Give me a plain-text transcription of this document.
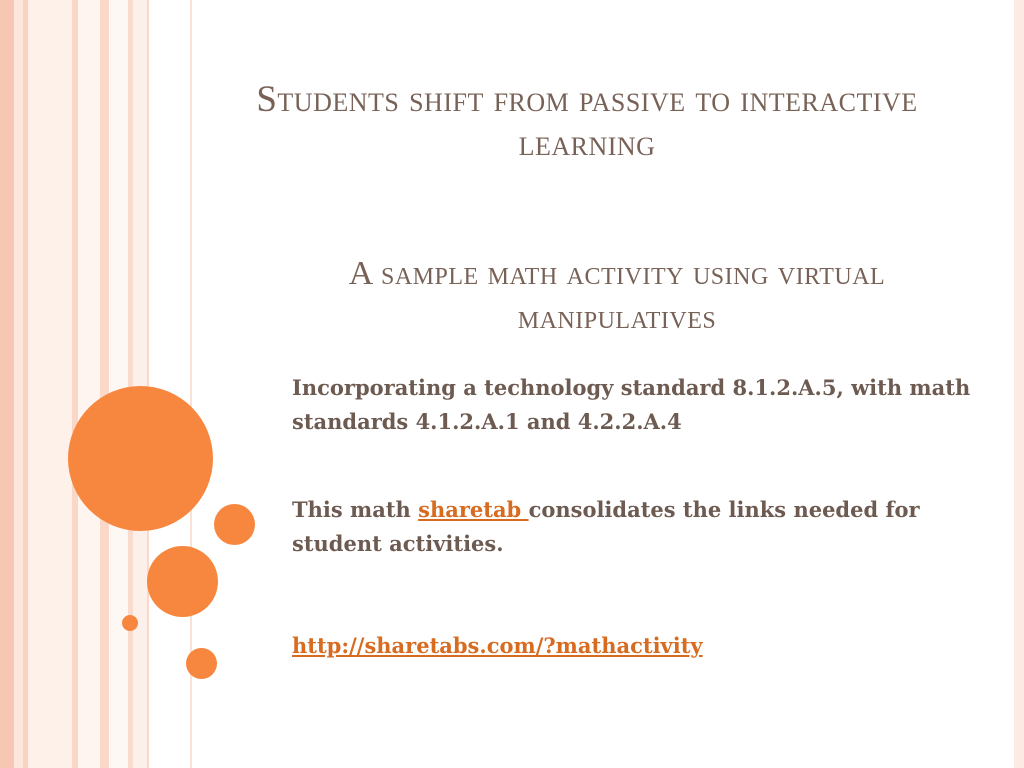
Students shift from passive to interactive learning
A sample math activity using virtual manipulatives
Incorporating a technology standard 8.1.2.A.5, with math standards 4.1.2.A.1 and 4.2.2.A.4
This math sharetab consolidates the links needed for student activities.
http://sharetabs.com/?mathactivity
